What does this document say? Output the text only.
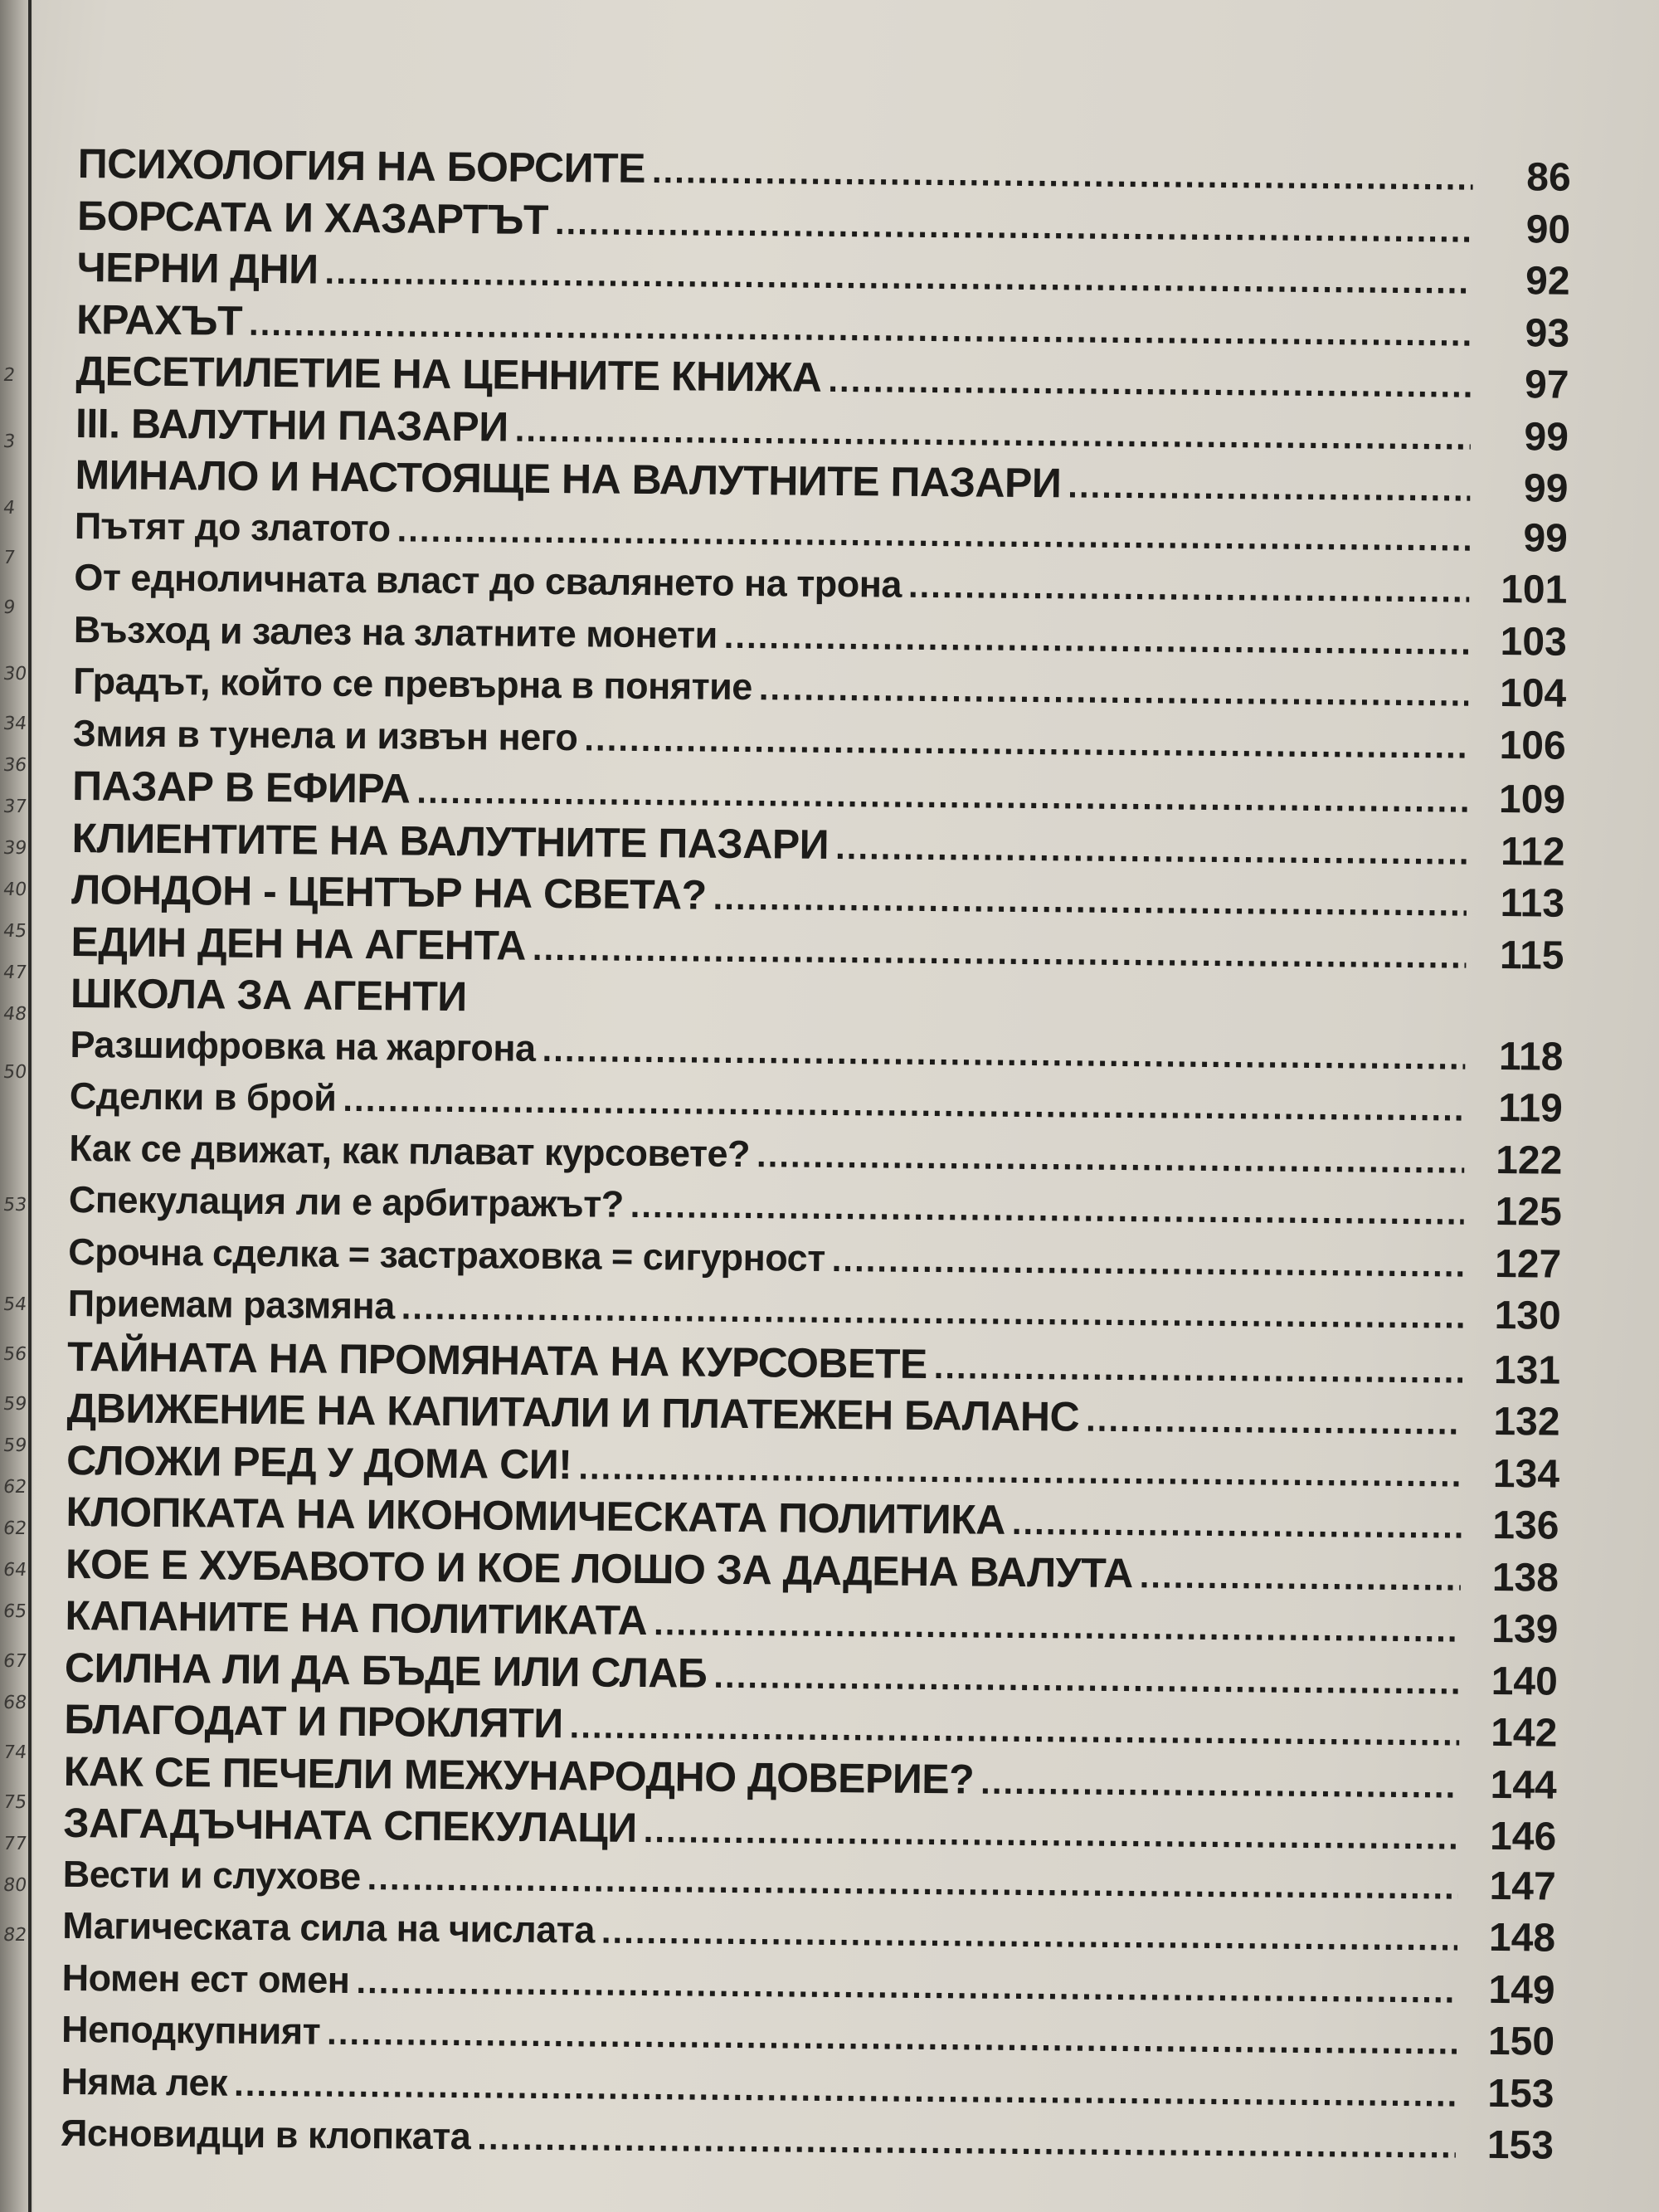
2
3
4
7
9
30
34
36
37
39
40
45
47
48
50
53
54
56
59
59
62
62
64
65
67
68
74
75
77
80
82
ПСИХОЛОГИЯ НА БОРСИТЕ .....	86
БОРСАТА И ХАЗАРТЪТ .....	90
ЧЕРНИ ДНИ .....	92
КРАХЪТ .....	93
ДЕСЕТИЛЕТИЕ НА ЦЕННИТЕ КНИЖА .....	97
III. ВАЛУТНИ ПАЗАРИ .....	99
МИНАЛО И НАСТОЯЩЕ НА ВАЛУТНИТЕ ПАЗАРИ .....	99
Пътят до златото .....	99
От едноличната власт до свалянето на трона .....	101
Възход и залез на златните монети .....	103
Градът, който се превърна в понятие .....	104
Змия в тунела и извън него .....	106
ПАЗАР В ЕФИРА .....	109
КЛИЕНТИТЕ НА ВАЛУТНИТЕ ПАЗАРИ .....	112
ЛОНДОН - ЦЕНТЪР НА СВЕТА? .....	113
ЕДИН ДЕН НА АГЕНТА .....	115
ШКОЛА ЗА АГЕНТИ
Разшифровка на жаргона .....	118
Сделки в брой .....	119
Как се движат, как плават курсовете? .....	122
Спекулация ли е арбитражът? .....	125
Срочна сделка = застраховка = сигурност .....	127
Приемам размяна .....	130
ТАЙНАТА НА ПРОМЯНАТА НА КУРСОВЕТЕ .....	131
ДВИЖЕНИЕ НА КАПИТАЛИ И ПЛАТЕЖЕН БАЛАНС .....	132
СЛОЖИ РЕД У ДОМА СИ! .....	134
КЛОПКАТА НА ИКОНОМИЧЕСКАТА ПОЛИТИКА .....	136
КОЕ Е ХУБАВОТО И КОЕ ЛОШО ЗА ДАДЕНА ВАЛУТА .....	138
КАПАНИТЕ НА ПОЛИТИКАТА .....	139
СИЛНА ЛИ ДА БЪДЕ ИЛИ СЛАБ .....	140
БЛАГОДАТ И ПРОКЛЯТИ .....	142
КАК СЕ ПЕЧЕЛИ МЕЖУНАРОДНО ДОВЕРИЕ? .....	144
ЗАГАДЪЧНАТА СПЕКУЛАЦИ .....	146
Вести и слухове .....	147
Магическата сила на числата .....	148
Номен ест омен .....	149
Неподкупният .....	150
Няма лек .....	153
Ясновидци в клопката .....	153
